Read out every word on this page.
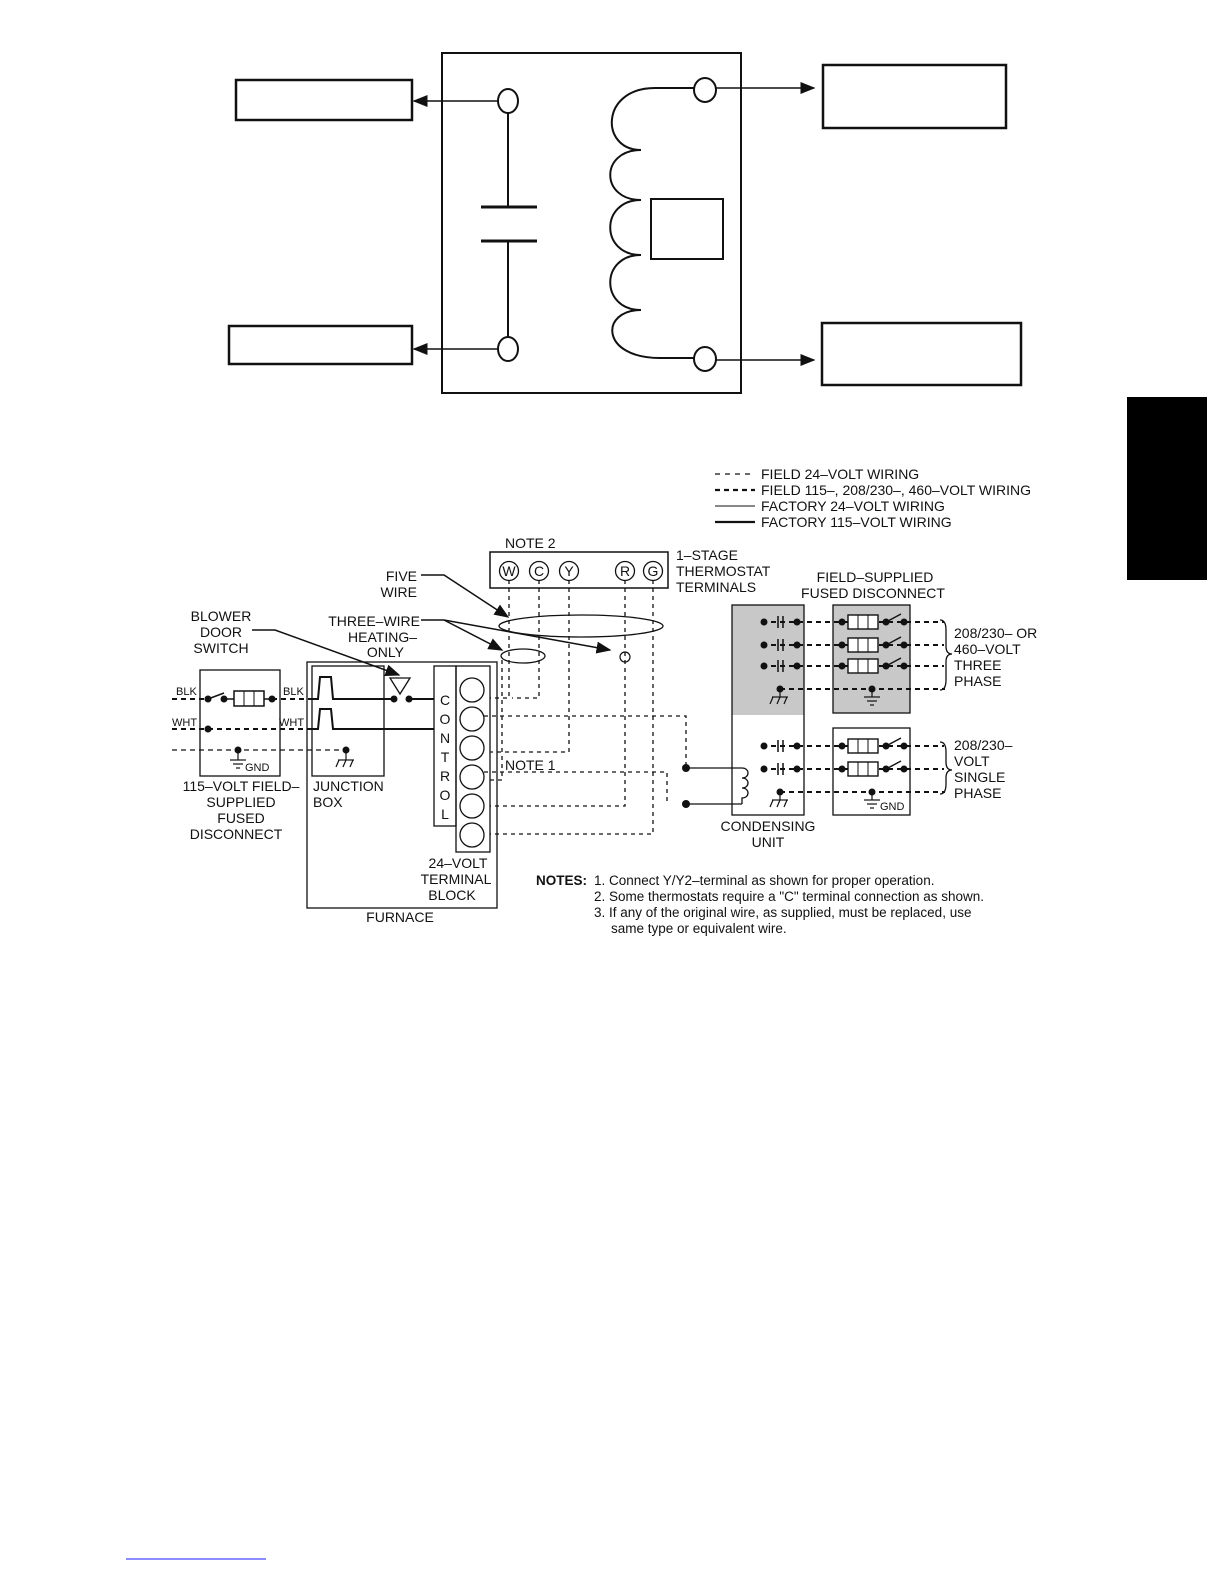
FIELD 24–VOLT WIRING
FIELD 115–, 208/230–, 460–VOLT WIRING
FACTORY 24–VOLT WIRING
FACTORY 115–VOLT WIRING
NOTE 2
W C Y	R G
1–STAGE
THERMOSTAT
TERMINALS
FIVE
WIRE
THREE–WIRE
HEATING–
ONLY
BLOWER
DOOR
SWITCH
NOTE 1
BLK	BLK
WHT	WHT
GND
115–VOLT FIELD–
SUPPLIED
FUSED
DISCONNECT
JUNCTION
BOX
C
O
N
T
R
O
L
24–VOLT
TERMINAL
BLOCK
FURNACE
CONDENSING
UNIT
FIELD–SUPPLIED
FUSED DISCONNECT
208/230– OR
460–VOLT
THREE
PHASE
GND
208/230–
VOLT
SINGLE
PHASE
NOTES: 1. Connect Y/Y2–terminal as shown for proper operation.
2. Some thermostats require a "C" terminal connection as shown.
3. If any of the original wire, as supplied, must be replaced, use
same type or equivalent wire.
